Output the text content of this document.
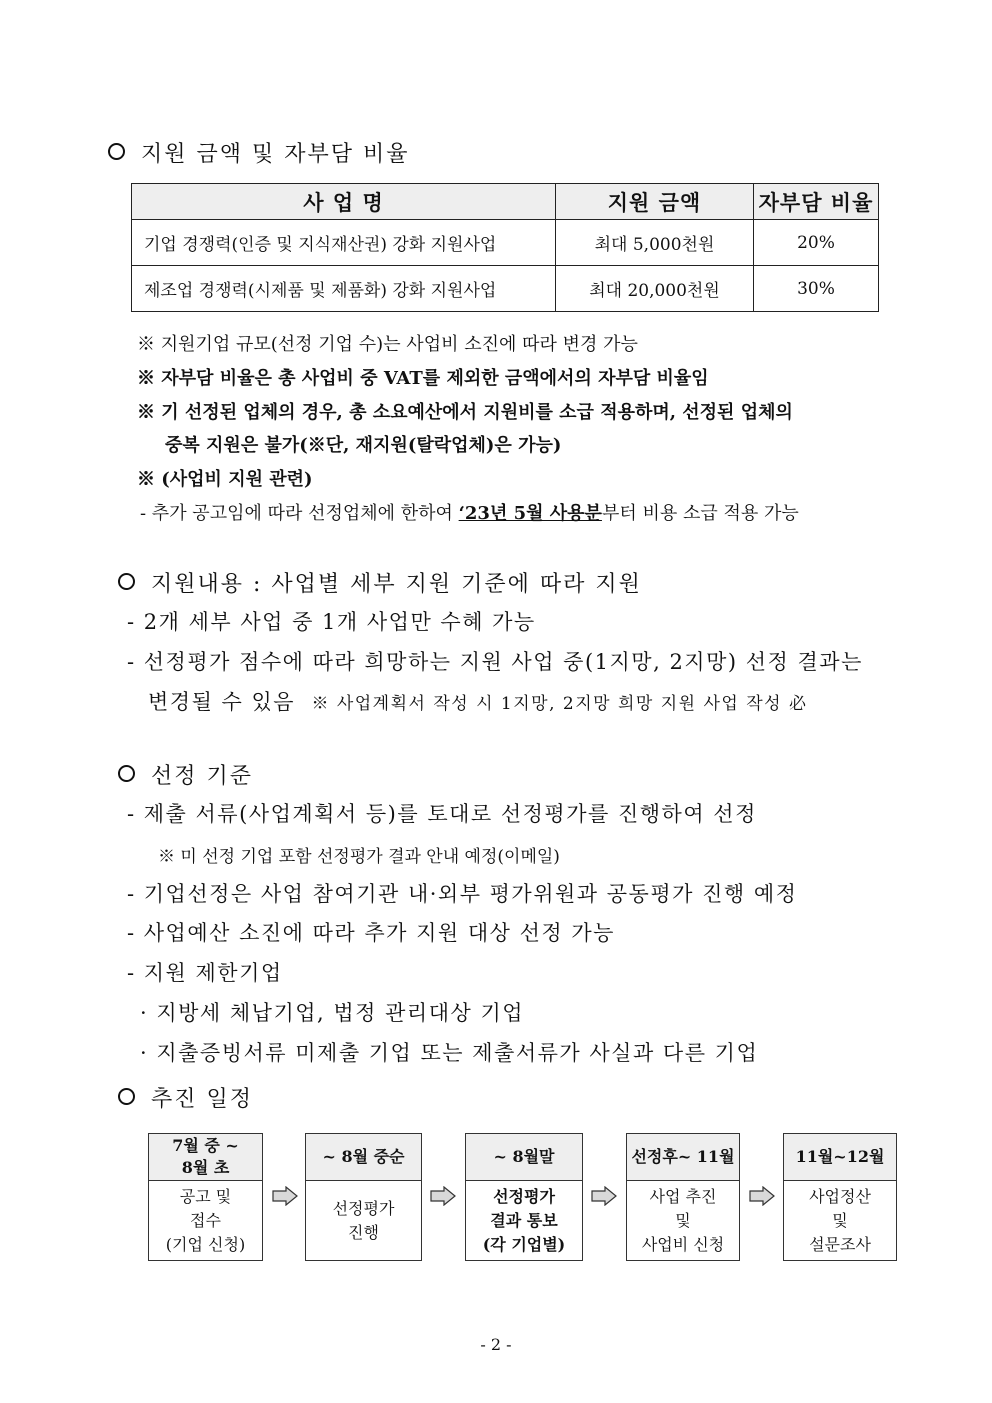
지원 금액 및 자부담 비율
사 업 명	지원 금액	자부담 비율
기업 경쟁력(인증 및 지식재산권) 강화 지원사업	최대 5,000천원	20%
제조업 경쟁력(시제품 및 제품화) 강화 지원사업	최대 20,000천원	30%
※ 지원기업 규모(선정 기업 수)는 사업비 소진에 따라 변경 가능
※ 자부담 비율은 총 사업비 중 VAT를 제외한 금액에서의 자부담 비율임
※ 기 선정된 업체의 경우, 총 소요예산에서 지원비를 소급 적용하며, 선정된 업체의
중복 지원은 불가(※단, 재지원(탈락업체)은 가능)
※ (사업비 지원 관련)
- 추가 공고임에 따라 선정업체에 한하여 ‘23년 5월 사용분부터 비용 소급 적용 가능
지원내용 : 사업별 세부 지원 기준에 따라 지원
- 2개 세부 사업 중 1개 사업만 수혜 가능
- 선정평가 점수에 따라 희망하는 지원 사업 중(1지망, 2지망) 선정 결과는
변경될 수 있음 ※ 사업계획서 작성 시 1지망, 2지망 희망 지원 사업 작성 必
선정 기준
- 제출 서류(사업계획서 등)를 토대로 선정평가를 진행하여 선정
※ 미 선정 기업 포함 선정평가 결과 안내 예정(이메일)
- 기업선정은 사업 참여기관 내·외부 평가위원과 공동평가 진행 예정
- 사업예산 소진에 따라 추가 지원 대상 선정 가능
- 지원 제한기업
· 지방세 체납기업, 법정 관리대상 기업
· 지출증빙서류 미제출 기업 또는 제출서류가 사실과 다른 기업
추진 일정
7월 중 ~
8월 초
공고 및
접수
(기업 신청)
~ 8월 중순
선정평가
진행
~ 8월말
선정평가
결과 통보
(각 기업별)
선정후~ 11월
사업 추진
및
사업비 신청
11월~12월
사업정산
및
설문조사
- 2 -
